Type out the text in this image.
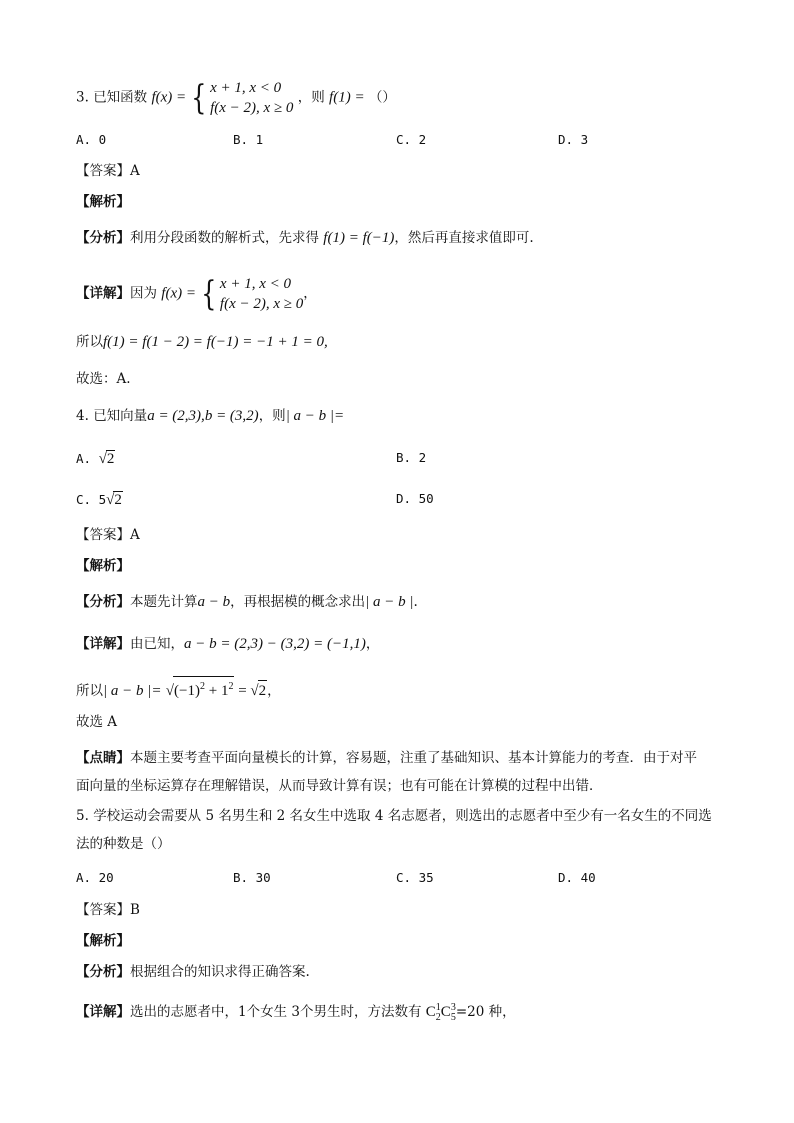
3. 已知函数 f(x) = { x + 1, x < 0
f(x − 2), x ≥ 0
，则 f(1) = （）
A. 0	B. 1	C. 2	D. 3
【答案】A
【解析】
【分析】利用分段函数的解析式，先求得 f(1) = f(−1)，然后再直接求值即可.
【详解】因为 f(x) = { x + 1, x < 0
f(x − 2), x ≥ 0
，
所以f(1) = f(1 − 2) = f(−1) = −1 + 1 = 0,
故选：A.
4. 已知向量a = (2,3),b = (3,2)，则| a − b |=
A. √2	B. 2
C. 5√2	D. 50
【答案】A
【解析】
【分析】本题先计算a − b，再根据模的概念求出| a − b |.
【详解】由已知，a − b = (2,3) − (3,2) = (−1,1)，
所以| a − b |= $√(-1)^2 + 1^2 = √2$，
故选 A
【点睛】本题主要考查平面向量模长的计算，容易题，注重了基础知识、基本计算能力的考查．由于对平
面向量的坐标运算存在理解错误，从而导致计算有误；也有可能在计算模的过程中出错．
5. 学校运动会需要从 5 名男生和 2 名女生中选取 4 名志愿者，则选出的志愿者中至少有一名女生的不同选
法的种数是（）
A. 20	B. 30	C. 35	D. 40
【答案】B
【解析】
【分析】根据组合的知识求得正确答案.
【详解】选出的志愿者中，1个女生 3个男生时，方法数有 $C^1_2C^3_5=20$ 种，
